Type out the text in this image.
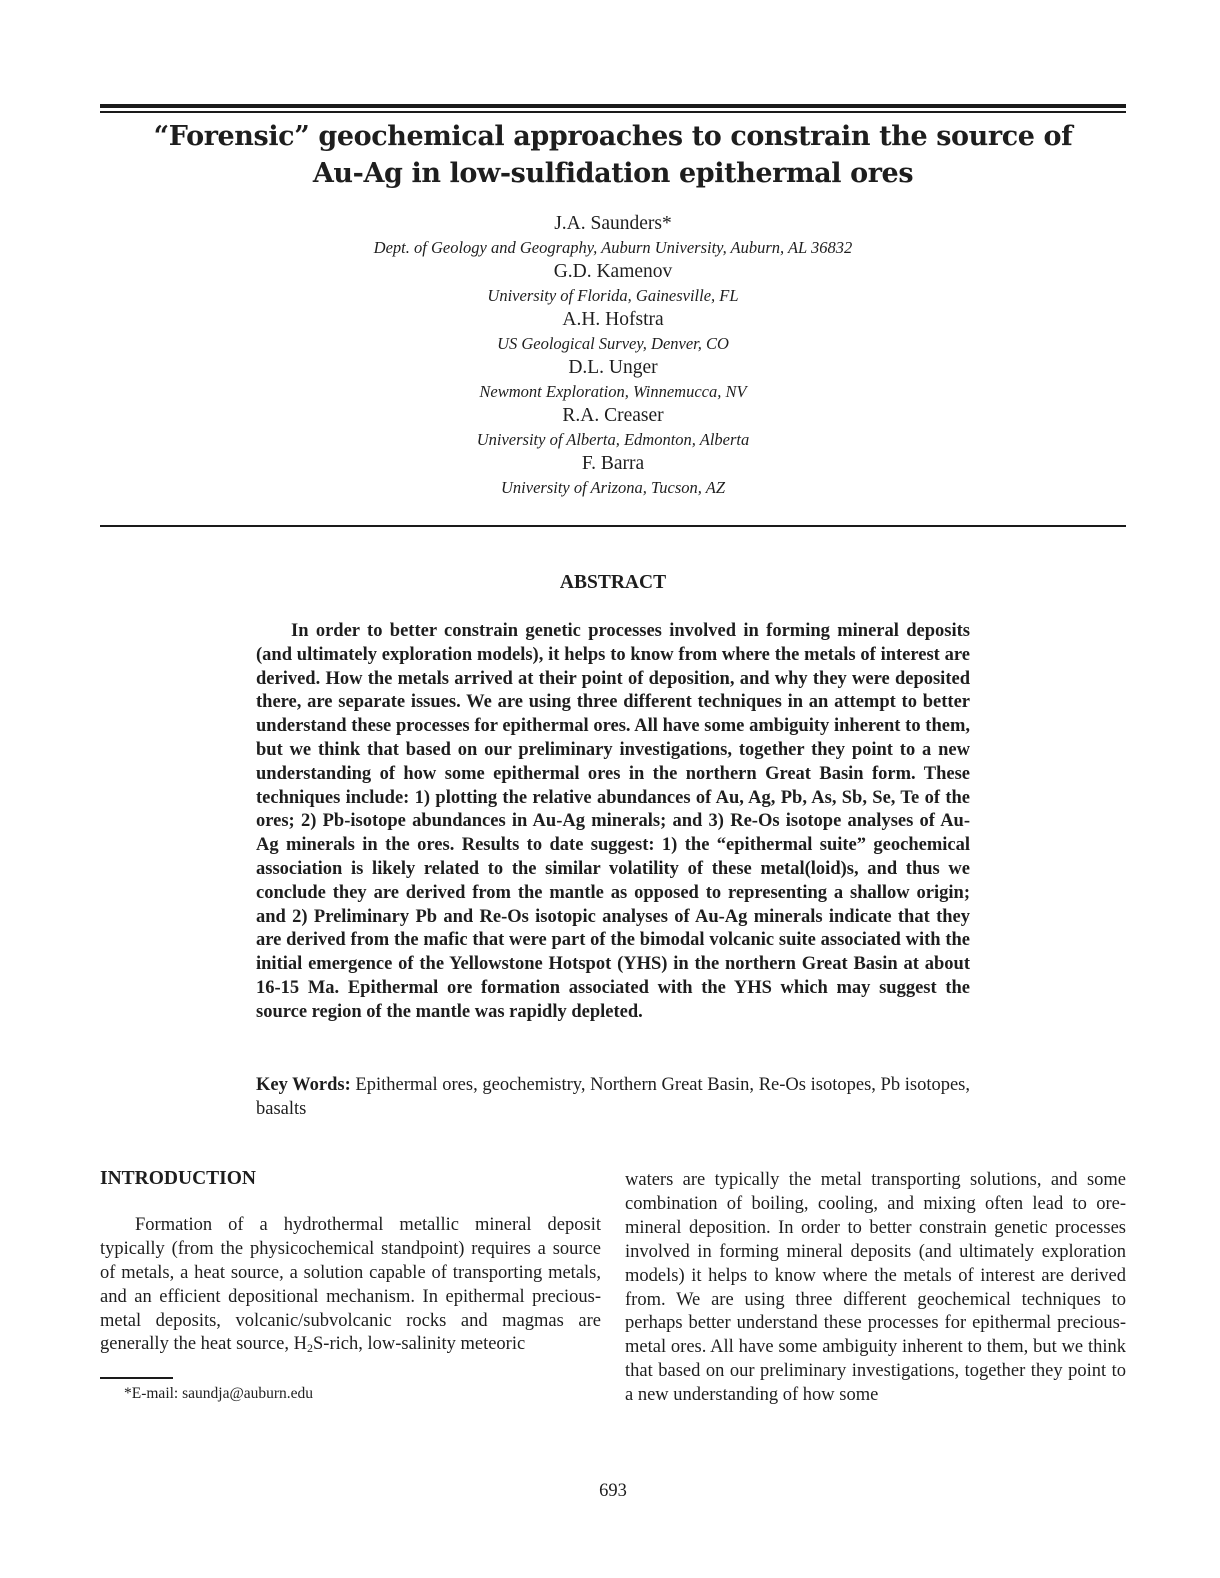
“Forensic” geochemical approaches to constrain the source of
Au-Ag in low-sulfidation epithermal ores
J.A. Saunders*
Dept. of Geology and Geography, Auburn University, Auburn, AL 36832
G.D. Kamenov
University of Florida, Gainesville, FL
A.H. Hofstra
US Geological Survey, Denver, CO
D.L. Unger
Newmont Exploration, Winnemucca, NV
R.A. Creaser
University of Alberta, Edmonton, Alberta
F. Barra
University of Arizona, Tucson, AZ
ABSTRACT

In order to better constrain genetic processes involved in forming mineral deposits (and ultimately exploration models), it helps to know from where the metals of interest are derived. How the metals arrived at their point of deposition, and why they were deposited there, are separate issues. We are using three different techniques in an attempt to better understand these processes for epithermal ores. All have some ambiguity inherent to them, but we think that based on our preliminary investigations, together they point to a new understanding of how some epithermal ores in the northern Great Basin form. These techniques include: 1) plotting the relative abundances of Au, Ag, Pb, As, Sb, Se, Te of the ores; 2) Pb-isotope abundances in Au-Ag minerals; and 3) Re-Os isotope analyses of Au-Ag minerals in the ores. Results to date suggest: 1) the “epithermal suite” geochemical association is likely related to the similar volatility of these metal(loid)s, and thus we conclude they are derived from the mantle as opposed to representing a shallow origin; and 2) Preliminary Pb and Re-Os isotopic analyses of Au-Ag minerals indicate that they are derived from the mafic that were part of the bimodal volcanic suite associated with the initial emergence of the Yellowstone Hotspot (YHS) in the northern Great Basin at about 16-15 Ma. Epithermal ore formation associated with the YHS which may suggest the source region of the mantle was rapidly depleted.

Key Words: Epithermal ores, geochemistry, Northern Great Basin, Re-Os isotopes, Pb isotopes, basalts
INTRODUCTION

Formation of a hydrothermal metallic mineral deposit typically (from the physicochemical standpoint) requires a source of metals, a heat source, a solution capable of transporting metals, and an efficient depositional mechanism. In epithermal precious-metal deposits, volcanic/subvolcanic rocks and magmas are generally the heat source, $H_2S$-rich, low-salinity meteoric

waters are typically the metal transporting solutions, and some combination of boiling, cooling, and mixing often lead to ore-mineral deposition. In order to better constrain genetic processes involved in forming mineral deposits (and ultimately exploration models) it helps to know where the metals of interest are derived from. We are using three different geochemical techniques to perhaps better understand these processes for epithermal precious-metal ores. All have some ambiguity inherent to them, but we think that based on our preliminary investigations, together they point to a new understanding of how some

*E-mail: saundja@auburn.edu
693
